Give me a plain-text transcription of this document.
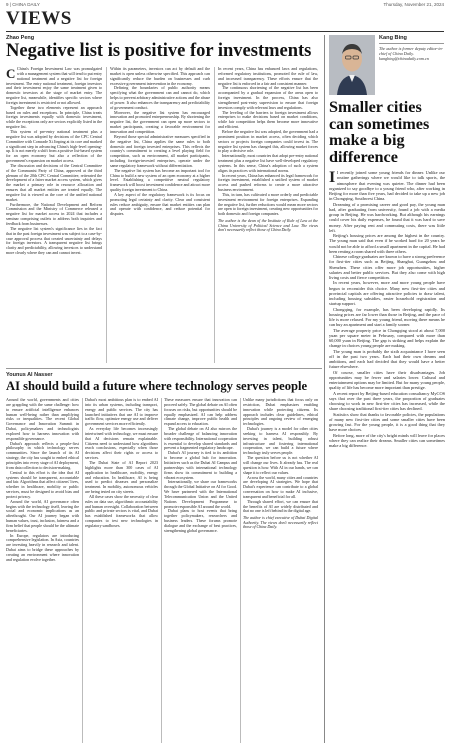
9 | CHINA DAILY	Thursday, November 21, 2024
VIEWS
Zhao Peng
Negative list is positive for investments

C China's Foreign Investment Law was promulgated with a management system that will tend to put entry national treatment and a negative list for foreign investment. The entry national treatment, foreign investors and their investment enjoy the same treatment given to domestic investors at the stage of market entry. The negative list, meanwhile, identifies specific sectors where foreign investment is restricted or not allowed.

Together these two elements represent an approach based on rules and exceptions. In principle, China treats foreign investments equally with domestic investment, while the exceptions only are sectors explicitly listed in the negative list.

This system of pre-entry national treatment plus a negative list was adopted by decisions of the CPC Central Committee with Comrade Xi Jinping at its core and marked a significant step in advancing China's high-level opening-up. It is not merely a shift from a positive list-based system for an open economy but also a reflection of the government's expansion on market access.

The discussion and decisions of the Central Committee of the Communist Party of China, approved at the third plenum of the 20th CPC Central Committee, reiterated the development of a fairer market access system, which gives the market a primary role in resource allocation and ensures that all market entities are treated equally. The negative list is viewed as the core of the unified national market.

Furthermore, the National Development and Reform Commission and the Ministry of Commerce released a negative list for market access in 2024 that includes a seminar comprising outlets to address both inquiries and feedback from businesses.

The negative list system's significance lies in the fact that in the past foreign investment was subject to a case-by-case approval process that created uncertainty and delays for foreign investors. A transparent negative list brings clarity and predictability, allowing investors to understand more clearly where they can and cannot invest.

Within its parameters, investors can act by default and the market is open unless otherwise specified. This approach can significantly reduce the burden on businesses and curb excessive government intervention in the economy.

Defining the boundaries of public authority means specifying what the government can and cannot do, which helps to prevent arbitrary administrative actions and the abuse of power. It also enhances the transparency and predictability of government conduct.

Moreover, the negative list system has encouraged innovation and promoted entrepreneurship. By shortening the negative list, the government can open up more sectors to market participants, creating a favorable environment for innovation and competition.

Beyond those special administrative measures specified in the negative list, China applies the same rules to both domestic and foreign invested enterprises. This reflects the country's commitment to creating a level playing field for competition, such as environment, all market participants, including foreign-invested enterprises, operate under the same regulatory framework without differentiation.

The negative list system has become an important tool for China to build a new system of an open economy at a higher level. Establishing a competitive neutral regulatory framework will boost investment confidence and attract more quality foreign investment to China.

A key aspect of the regulatory framework is its focus on promoting legal certainty and clarity. Clear and consistent rules reduce ambiguity, ensure that market entities can plan and operate with confidence, and reduce potential for disputes.

In recent years, China has enhanced laws and regulations, reformed regulatory institutions, promoted the rule of law, and increased transparency. These efforts ensure that the negative list is enforced in a fair and consistent manner.

The continuous shortening of the negative list has been accompanied by a gradual expansion of the areas open to foreign investment. In the process, China has also strengthened post-entry supervision to ensure that foreign investors comply with relevant laws and regulations.

The leveling of the barriers to foreign investment allows enterprises to make decisions based on market conditions, while fair competition helps them become more innovative and efficient.

Before the negative list was adopted, the government had a prominent position in market access, often deciding which sectors or projects foreign companies could invest in. The negative list system has changed this, allowing market forces to play a decisive role.

Internationally, most countries that adopt pre-entry national treatment plus a negative list have well-developed regulatory systems. In this sense, China's adoption of such a system aligns its practices with international norms.

In recent years, China has enhanced its legal framework for foreign investment, established a unified system of market access and pushed reforms to create a more attractive business environment.

This, in turn, has cultivated a more orderly and predictable investment environment for foreign enterprises. Expanding the negative list, further reductions would mean more sectors are open to foreign investment, creating new opportunities for both domestic and foreign companies.

The author is the dean of the Institute of Rule of Law at the China University of Political Science and Law. The views don't necessarily reflect those of China Daily.

Younus Al Nasser
AI should build a future where technology serves people

Around the world, governments and cities are grappling with the same challenge: how to ensure artificial intelligence enhances human well-being rather than amplifying risks or inequalities. The recent Global Governance and Innovation Summit in Dubai, policymakers and technologists explored how to harness innovation with responsible governance.

Dubai's approach reflects a people-first philosophy in which technology serves communities. Since the launch of its AI strategy, the city has sought to embed ethical principles into every stage of AI deployment, from data collection to decision-making.

Central to this effort is the idea that AI systems should be transparent, accountable and fair. Algorithms that affect citizens' lives, whether in healthcare, mobility or public services, must be designed to avoid bias and protect privacy.

Around the world, AI governance often begins with the technology itself, leaving the social and economic implications as an afterthought. Our AI journey began with human values, trust, inclusion, fairness and a firm belief that people should be the ultimate beneficiaries.

In Europe, regulators are introducing comprehensive legislation. In Asia, countries are investing heavily in research and talent. Dubai aims to bridge these approaches by creating an environment where innovation and regulation evolve together.

Dubai's most ambitious plan is to embed AI into its urban systems, including transport, energy and public services. The city has launched initiatives that use AI to improve traffic flow, optimize energy use and deliver government services more efficiently.

As everyday life becomes increasingly intertwined with technology, we must ensure that AI decisions remain explainable. Citizens need to understand how algorithms reach conclusions, especially when those decisions affect their rights or access to services.

The Dubai State of AI Report 2023 highlights more than 300 cases of AI application in healthcare, mobility, energy and education. In healthcare, AI is being used to predict diseases and personalize treatment. In mobility, autonomous vehicles are being tested on city streets.

All these cases show the necessity of clear rules on data use, algorithmic accountability and human oversight. Collaboration between public and private sectors is vital, and Dubai has established frameworks that allow companies to test new technologies in regulatory sandboxes.

These measures ensure that innovation can proceed safely. The global debate on AI often focuses on risks, but opportunities should be equally emphasized. AI can help address climate change, improve public health and expand access to education.

The global debate on AI also mirrors the broader challenge of balancing innovation with responsibility. International cooperation is essential to develop shared standards and prevent a fragmented regulatory landscape.

Dubai's AI journey is tied to its ambition to become a global hub for innovation. Initiatives such as the Dubai AI Campus and partnerships with international technology firms show its commitment to building a vibrant ecosystem.

Internationally, we share our frameworks through the Global Initiative on AI for Good. We have partnered with the International Telecommunication Union and the United Nations Development Programme to promote responsible AI around the world.

Dubai plans to host events that bring together policymakers, researchers and business leaders. These forums promote dialogue and the exchange of best practices, strengthening global governance.

Unlike many jurisdictions that focus only on restriction, Dubai emphasizes enabling innovation while protecting citizens. Its approach includes clear guidelines, ethical principles and ongoing review of emerging technologies.

Dubai's journey is a model for other cities seeking to harness AI responsibly. By investing in talent, building robust infrastructure and fostering international cooperation, we can build a future where technology truly serves people.

The question before us is not whether AI will change our lives. It already has. The real question is how. With AI in our hands, we can shape it to reflect our values.

Across the world, many cities and countries are developing AI strategies. We hope that Dubai's experience can contribute to a global conversation on how to make AI inclusive, transparent and beneficial for all.

Through shared effort, we can ensure that the benefits of AI are widely distributed and that no one is left behind in the digital age.

The author is chief executive of Dubai Digital Authority. The views don't necessarily reflect those of China Daily.

Kang Bing
The author is former deputy editor-in-chief of China Daily. kangbing@chinadaily.com.cn
Smaller cities can sometimes make a big difference

I I recently joined some young friends for dinner. Unlike our routine gatherings where we would like to talk sports, the atmosphere that evening was quieter. The dinner had been organized to say goodbye to a young friend who, after working in Beijing for more than five years, had decided to take up a new job in Chongqing, Southwest China.

Dreaming of a promising career and good pay, the young man had, after graduating from university, found a job with a media group in Beijing. He was hardworking. But although his earnings could cover his daily expenses, he found that it was hard to save money. After paying rent and commuting costs, there was little left.

Beijing's housing prices are among the highest in the country. The young man said that even if he worked hard for 20 years he would not be able to afford a small apartment in the capital. He had been renting a room shared with three others.

Chinese college graduates are known to have a strong preference for first-tier cities such as Beijing, Shanghai, Guangzhou and Shenzhen. These cities offer more job opportunities, higher salaries and better public services. But they also come with high living costs and fierce competition.

In recent years, however, more and more young people have begun to reconsider this choice. Many new first-tier cities and provincial capitals are offering attractive policies to draw talent, including housing subsidies, easier household registration and startup support.

Chongqing, for example, has been developing rapidly. Its housing prices are far lower than those in Beijing, and the pace of life is more relaxed. For my young friend, moving there means he can buy an apartment and start a family sooner.

The average property price in Chongqing stood at about 7,000 yuan per square meter in February, compared with more than 60,000 yuan in Beijing. The gap is striking and helps explain the change in choices young people are making.

The young man is probably the sixth acquaintance I have seen off in the past two years. Each had their own dreams and ambitions, and each had decided that they would have a better future elsewhere.

Of course, smaller cities have their disadvantages. Job opportunities may be fewer and salaries lower. Cultural and entertainment options may be limited. But for many young people, quality of life has become more important than prestige.

A recent report by Beijing-based education consultancy MyCOS says that over the past three years, the proportion of graduates choosing to work in new first-tier cities has increased, while the share choosing traditional first-tier cities has declined.

Statistics show that thanks to favorable policies, the populations of many new first-tier cities and some smaller cities have been growing fast. For the young people, it is a good thing that they have more choices.

Before long, more of the city's bright minds will leave for places where they can realize their dreams. Smaller cities can sometimes make a big difference.
